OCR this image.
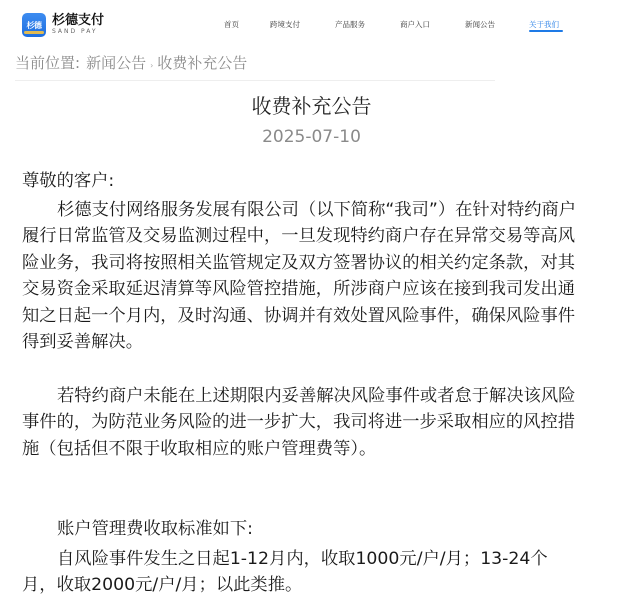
杉德 杉德支付
SAND PAY
首页	跨境支付	产品服务	商户入口	新闻公告	关于我们
当前位置: 新闻公告 › 收费补充公告
收费补充公告
2025-07-10
尊敬的客户:
杉德支付网络服务发展有限公司（以下简称“我司”）在针对特约商户履行日常监管及交易监测过程中，一旦发现特约商户存在异常交易等高风险业务，我司将按照相关监管规定及双方签署协议的相关约定条款，对其交易资金采取延迟清算等风险管控措施，所涉商户应该在接到我司发出通知之日起一个月内，及时沟通、协调并有效处置风险事件，确保风险事件得到妥善解决。
若特约商户未能在上述期限内妥善解决风险事件或者怠于解决该风险事件的，为防范业务风险的进一步扩大，我司将进一步采取相应的风控措施（包括但不限于收取相应的账户管理费等）。
账户管理费收取标准如下:
自风险事件发生之日起1-12月内，收取1000元/户/月；13-24个月，收取2000元/户/月；以此类推。
